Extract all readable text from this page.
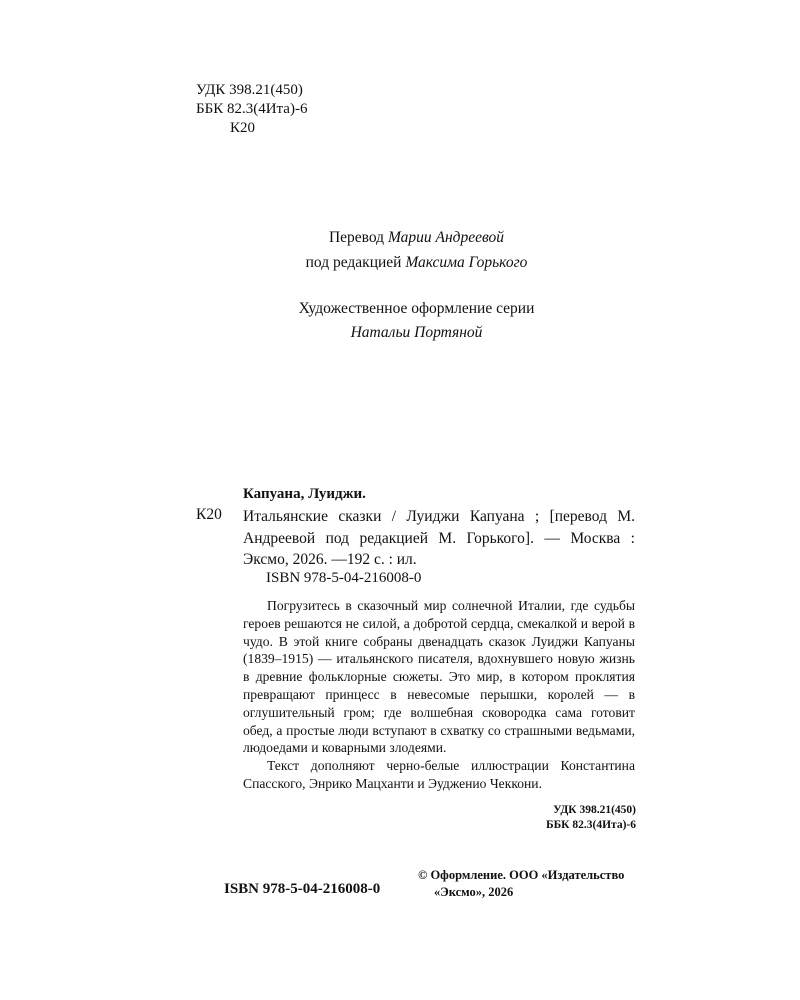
УДК 398.21(450)
ББК 82.3(4Ита)-6
К20
Перевод Марии Андреевой
под редакцией Максима Горького
Художественное оформление серии
Натальи Портяной
Капуана, Луиджи.
К20 Итальянские сказки / Луиджи Капуана ; [перевод М. Андреевой под редакцией М. Горького]. — Москва : Эксмо, 2026. —192 с. : ил.
ISBN 978-5-04-216008-0

Погрузитесь в сказочный мир солнечной Италии, где судьбы героев решаются не силой, а добротой сердца, смекалкой и верой в чудо. В этой книге собраны двенадцать сказок Луиджи Капуаны (1839–1915) — итальянского писателя, вдохнувшего новую жизнь в древние фольклорные сюжеты. Это мир, в котором проклятия превращают принцесс в невесомые перышки, королей — в оглушительный гром; где волшебная сковородка сама готовит обед, а простые люди вступают в схватку со страшными ведьмами, людоедами и коварными злодеями.

Текст дополняют черно-белые иллюстрации Константина Спасского, Энрико Мацханти и Эудженио Чеккони.

УДК 398.21(450)
ББК 82.3(4Ита)-6
© Оформление. ООО «Издательство
«Эксмо», 2026
ISBN 978-5-04-216008-0
